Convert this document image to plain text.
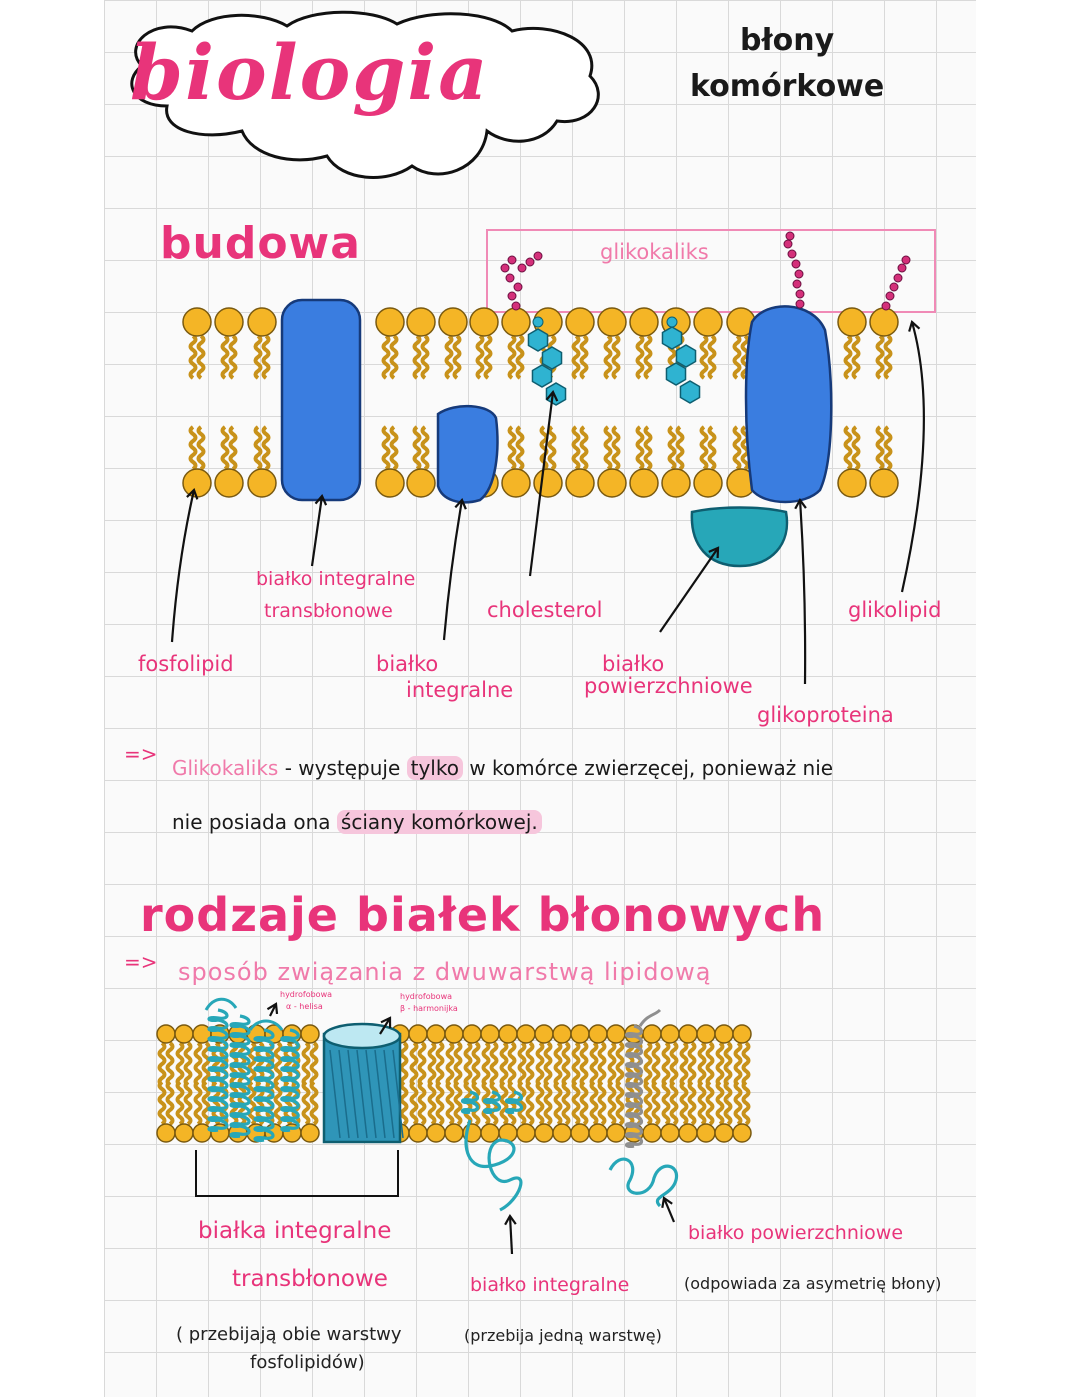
biologia	błony
komórkowe
budowa	glikokaliks
fosfolipid
białko integralne
transbłonowe
białko
integralne
cholesterol
białko
powierzchniowe
glikolipid
glikoproteina
=>
Glikokaliks - występuje tylko w komórce zwierzęcej, ponieważ nie
nie posiada ona ściany komórkowej.
rodzaje białek błonowych
=> sposób związania z dwuwarstwą lipidową
hydrofobowa
α - helisa
hydrofobowa
β - harmonijka
białka integralne
transbłonowe
( przebijają obie warstwy
fosfolipidów)
białko integralne
(przebija jedną warstwę)
białko powierzchniowe
(odpowiada za asymetrię błony)
